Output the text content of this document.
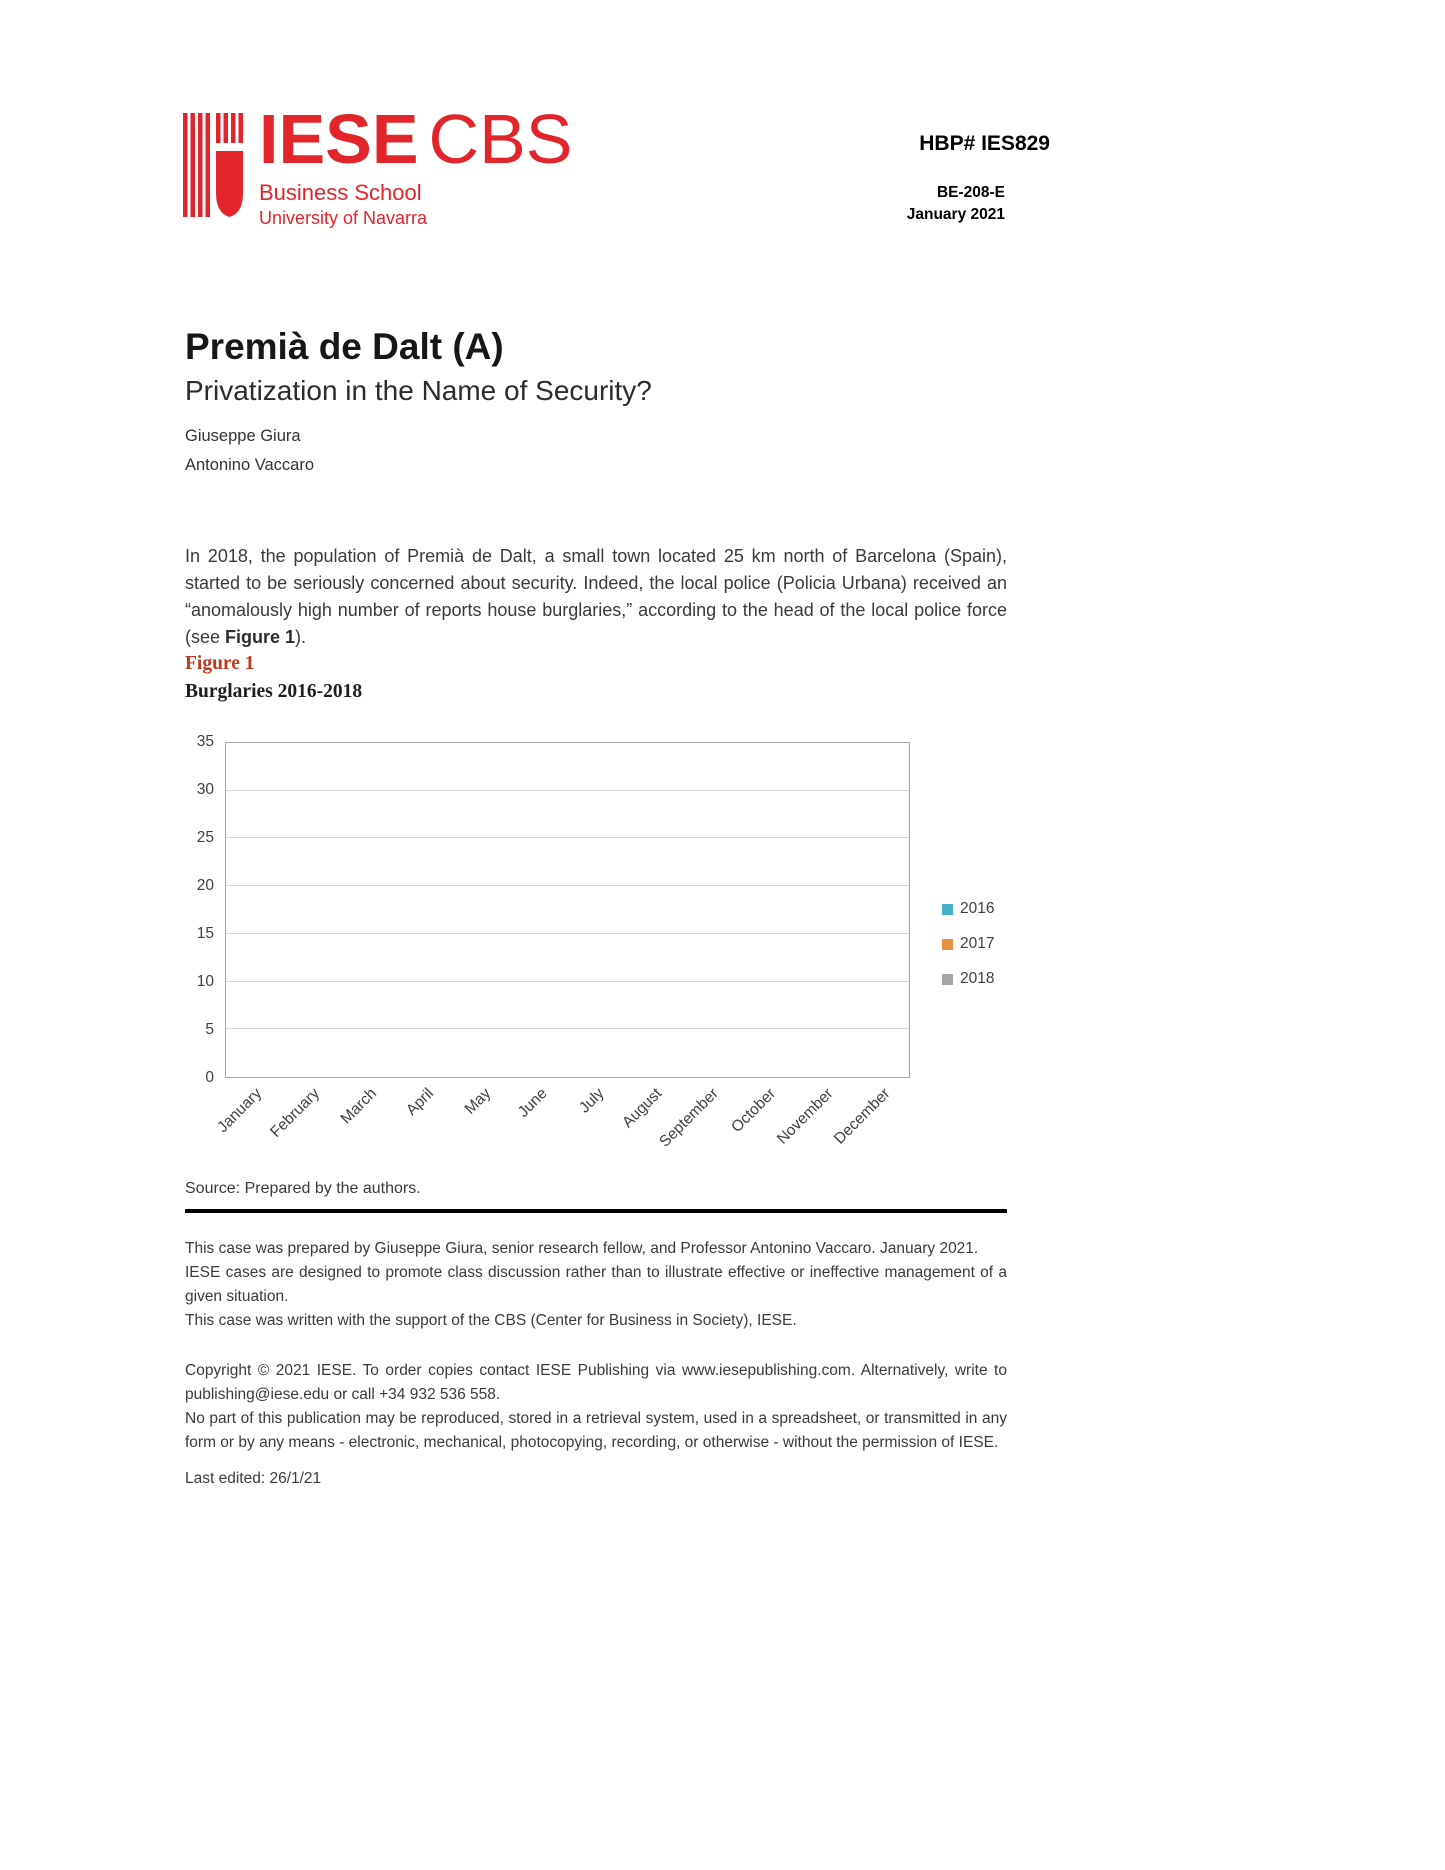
IESE CBS
Business School
University of Navarra
HBP# IES829
BE-208-E
January 2021
Premià de Dalt (A)
Privatization in the Name of Security?
Giuseppe Giura
Antonino Vaccaro

In 2018, the population of Premià de Dalt, a small town located 25 km north of Barcelona (Spain), started to be seriously concerned about security. Indeed, the local police (Policia Urbana) received an “anomalously high number of reports house burglaries,” according to the head of the local police force (see Figure 1).

Figure 1
Burglaries 2016-2018
0
5
10
15
20
25
30
35
2016
2017
2018
January February March April May June July August
September October
November
December
Source: Prepared by the authors.

This case was prepared by Giuseppe Giura, senior research fellow, and Professor Antonino Vaccaro. January 2021.

IESE cases are designed to promote class discussion rather than to illustrate effective or ineffective management of a given situation.

This case was written with the support of the CBS (Center for Business in Society), IESE.

Copyright © 2021 IESE. To order copies contact IESE Publishing via www.iesepublishing.com. Alternatively, write to publishing@iese.edu or call +34 932 536 558.

No part of this publication may be reproduced, stored in a retrieval system, used in a spreadsheet, or transmitted in any form or by any means - electronic, mechanical, photocopying, recording, or otherwise - without the permission of IESE.

Last edited: 26/1/21
